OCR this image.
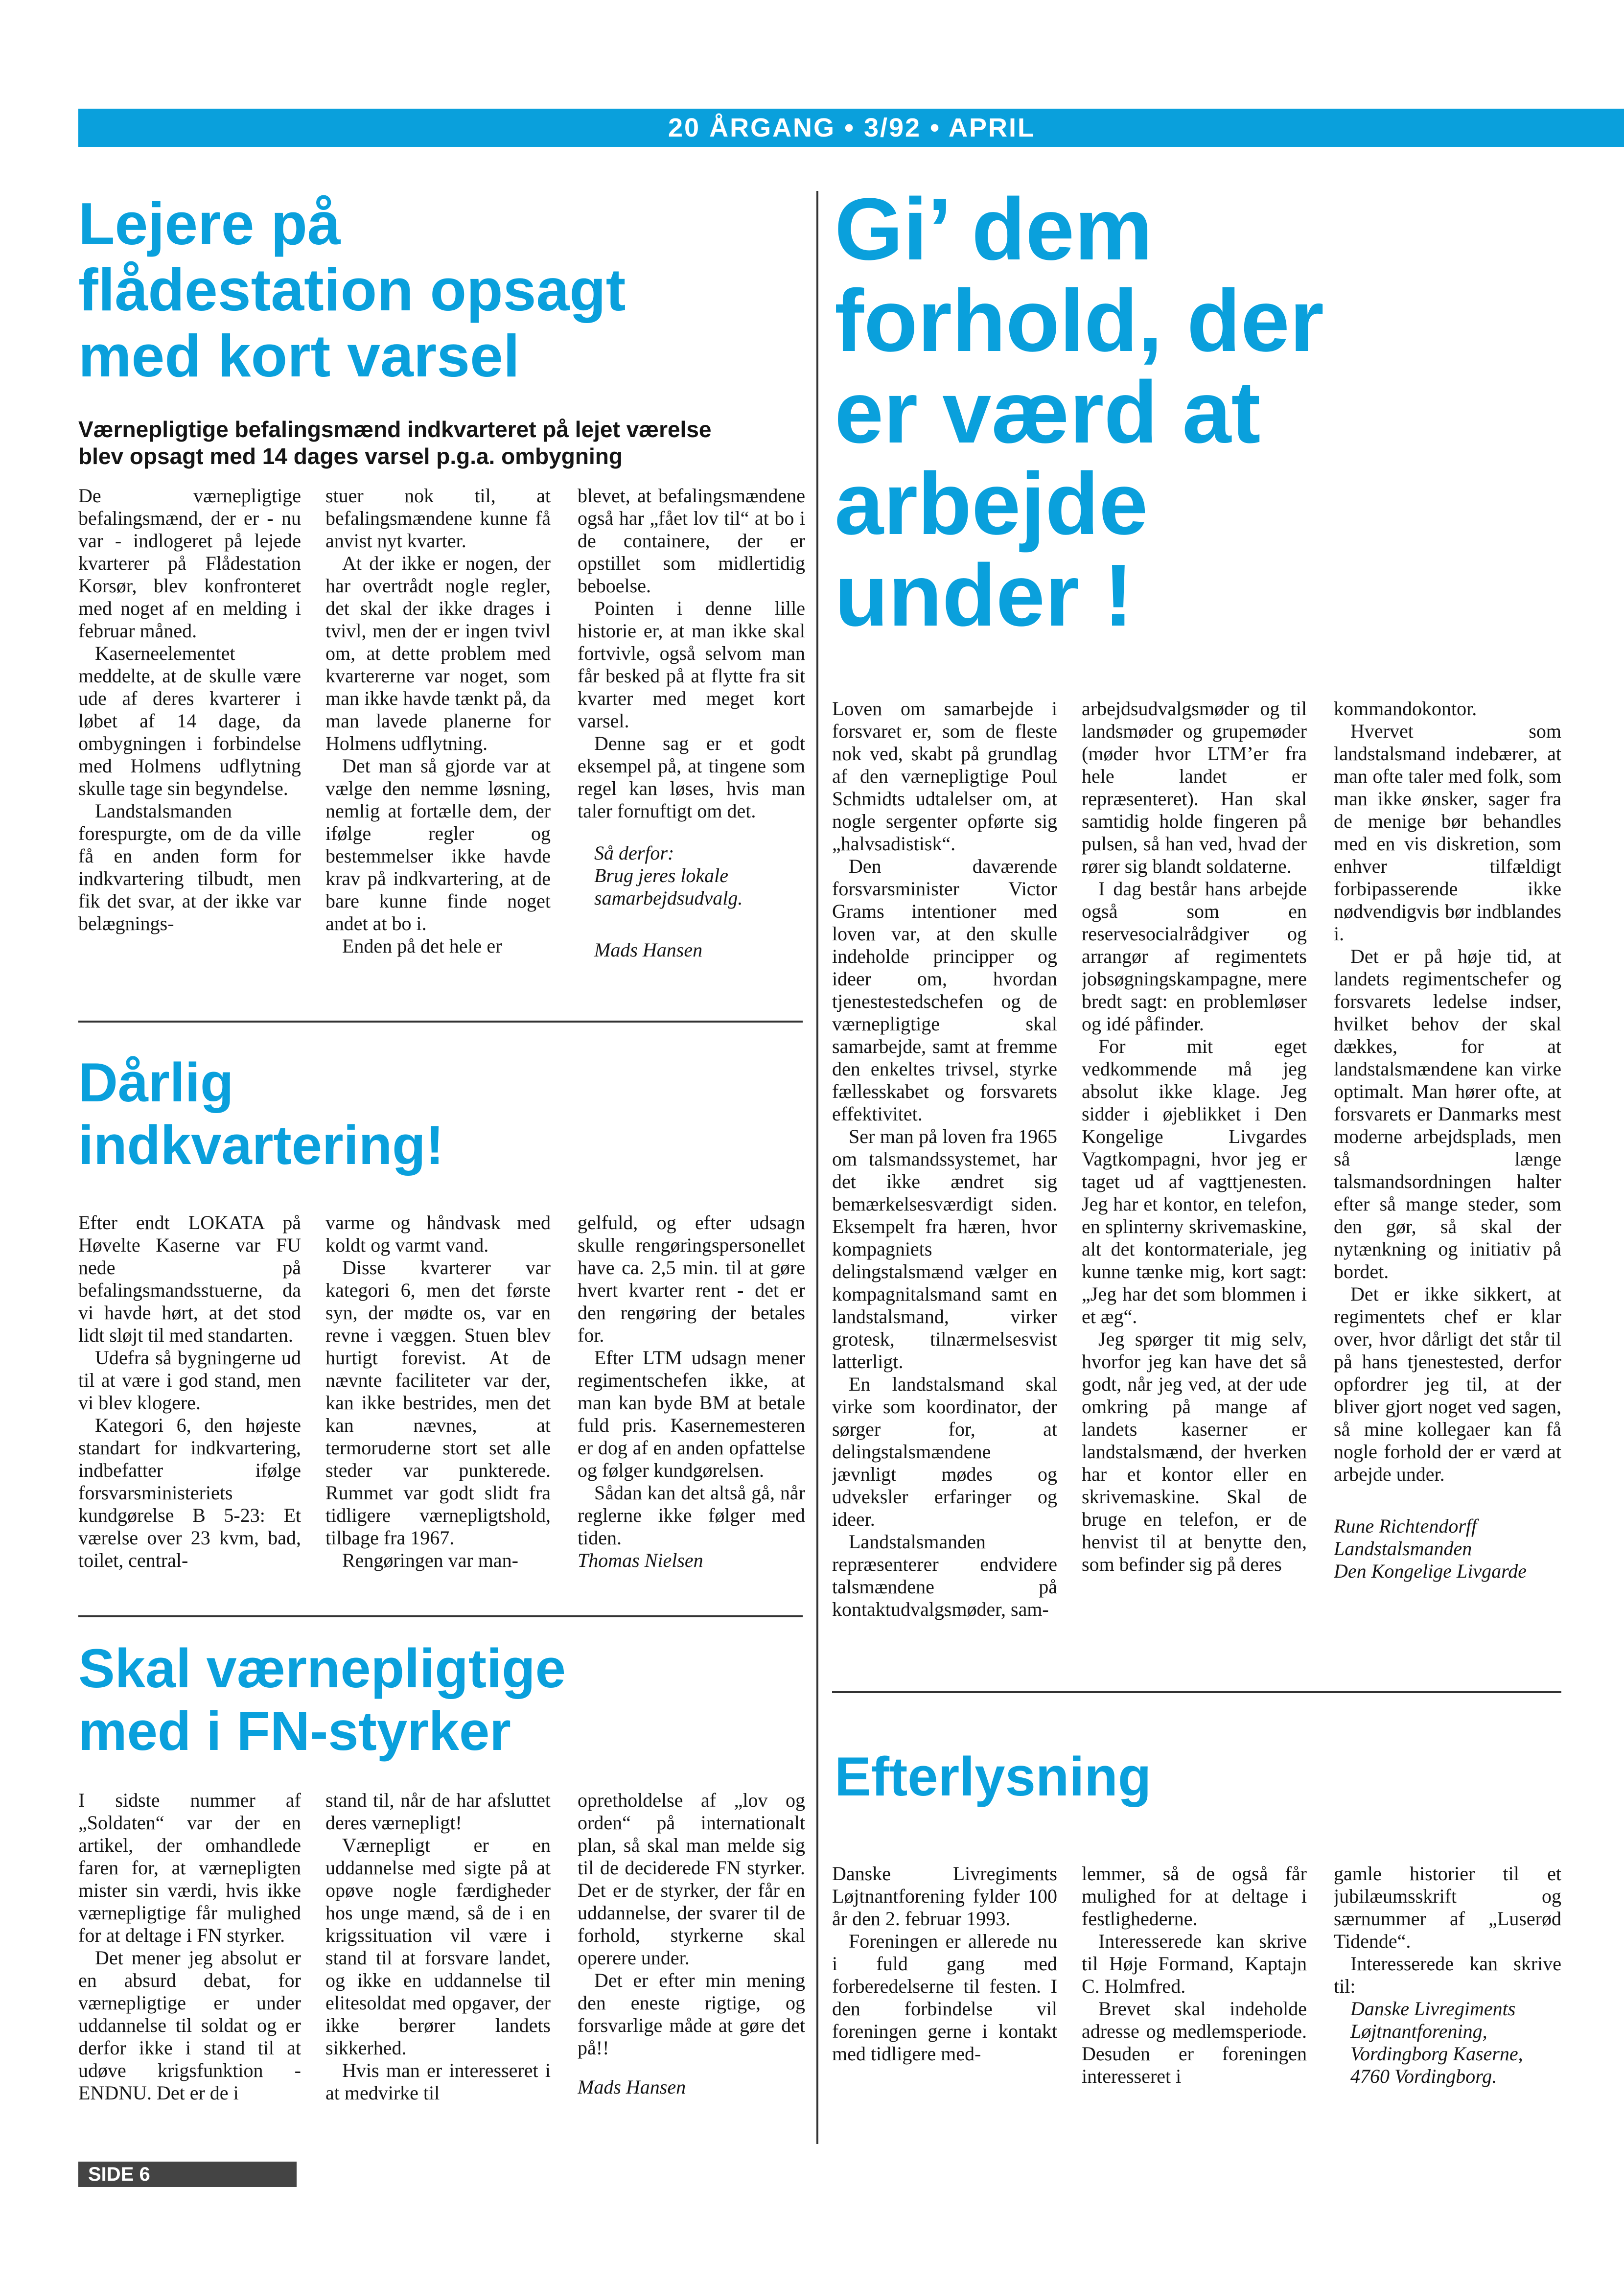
20 ÅRGANG • 3/92 • APRIL
Lejere på
flådestation opsagt
med kort varsel
Værnepligtige befalingsmænd indkvarteret på lejet værelse
blev opsagt med 14 dages varsel p.g.a. ombygning

De værnepligtige befalingsmænd, der er - nu var - indlogeret på lejede kvarterer på Flådestation Korsør, blev konfronteret med noget af en melding i februar måned.

Kaserneelementet meddelte, at de skulle være ude af deres kvarterer i løbet af 14 dage, da ombygningen i forbindelse med Holmens udflytning skulle tage sin begyndelse.

Landstalsmanden forespurgte, om de da ville få en anden form for indkvartering tilbudt, men fik det svar, at der ikke var belægnings-

stuer nok til, at befalingsmændene kunne få anvist nyt kvarter.

At der ikke er nogen, der har overtrådt nogle regler, det skal der ikke drages i tvivl, men der er ingen tvivl om, at dette problem med kvartererne var noget, som man ikke havde tænkt på, da man lavede planerne for Holmens udflytning.

Det man så gjorde var at vælge den nemme løsning, nemlig at fortælle dem, der ifølge regler og bestemmelser ikke havde krav på indkvartering, at de bare kunne finde noget andet at bo i.

Enden på det hele er

blevet, at befalingsmændene også har „fået lov til“ at bo i de containere, der er opstillet som midlertidig beboelse.

Pointen i denne lille historie er, at man ikke skal fortvivle, også selvom man får besked på at flytte fra sit kvarter med meget kort varsel.

Denne sag er et godt eksempel på, at tingene som regel kan løses, hvis man taler fornuftigt om det.

Så derfor:

Brug jeres lokale

samarbejdsudvalg.

Mads Hansen

Dårlig
indkvartering!

Efter endt LOKATA på Høvelte Kaserne var FU nede på befalingsmandsstuerne, da vi havde hørt, at det stod lidt sløjt til med standarten.

Udefra så bygningerne ud til at være i god stand, men vi blev klogere.

Kategori 6, den højeste standart for indkvartering, indbefatter ifølge forsvarsministeriets kundgørelse B 5-23: Et værelse over 23 kvm, bad, toilet, central-

varme og håndvask med koldt og varmt vand.

Disse kvarterer var kategori 6, men det første syn, der mødte os, var en revne i væggen. Stuen blev hurtigt forevist. At de nævnte faciliteter var der, kan ikke bestrides, men det kan nævnes, at termoruderne stort set alle steder var punkterede. Rummet var godt slidt fra tidligere værnepligtshold, tilbage fra 1967.

Rengøringen var man-

gelfuld, og efter udsagn skulle rengøringspersonellet have ca. 2,5 min. til at gøre hvert kvarter rent - det er den rengøring der betales for.

Efter LTM udsagn mener regimentschefen ikke, at man kan byde BM at betale fuld pris. Kasernemesteren er dog af en anden opfattelse og følger kundgørelsen.

Sådan kan det altså gå, når reglerne ikke følger med tiden.

Thomas Nielsen

Skal værnepligtige
med i FN-styrker

I sidste nummer af „Soldaten“ var der en artikel, der omhandlede faren for, at værnepligten mister sin værdi, hvis ikke værnepligtige får mulighed for at deltage i FN styrker.

Det mener jeg absolut er en absurd debat, for værnepligtige er under uddannelse til soldat og er derfor ikke i stand til at udøve krigsfunktion - ENDNU. Det er de i

stand til, når de har afsluttet deres værnepligt!

Værnepligt er en uddannelse med sigte på at opøve nogle færdigheder hos unge mænd, så de i en krigssituation vil være i stand til at forsvare landet, og ikke en uddannelse til elitesoldat med opgaver, der ikke berører landets sikkerhed.

Hvis man er interesseret i at medvirke til

opretholdelse af „lov og orden“ på internationalt plan, så skal man melde sig til de deciderede FN styrker. Det er de styrker, der får en uddannelse, der svarer til de forhold, styrkerne skal operere under.

Det er efter min mening den eneste rigtige, og forsvarlige måde at gøre det på!!

Mads Hansen

Gi’ dem
forhold, der
er værd at
arbejde
under !

Loven om samarbejde i forsvaret er, som de fleste nok ved, skabt på grundlag af den værnepligtige Poul Schmidts udtalelser om, at nogle sergenter opførte sig „halvsadistisk“.

Den daværende forsvarsminister Victor Grams intentioner med loven var, at den skulle indeholde principper og ideer om, hvordan tjenestestedschefen og de værnepligtige skal samarbejde, samt at fremme den enkeltes trivsel, styrke fællesskabet og forsvarets effektivitet.

Ser man på loven fra 1965 om talsmandssystemet, har det ikke ændret sig bemærkelsesværdigt siden. Eksempelt fra hæren, hvor kompagniets delingstalsmænd vælger en kompagnitalsmand samt en landstalsmand, virker grotesk, tilnærmelsesvist latterligt.

En landstalsmand skal virke som koordinator, der sørger for, at delingstalsmændene jævnligt mødes og udveksler erfaringer og ideer.

Landstalsmanden repræsenterer endvidere talsmændene på kontaktudvalgsmøder, sam-

arbejdsudvalgsmøder og til landsmøder og grupemøder (møder hvor LTM’er fra hele landet er repræsenteret). Han skal samtidig holde fingeren på pulsen, så han ved, hvad der rører sig blandt soldaterne.

I dag består hans arbejde også som en reservesocialrådgiver og arrangør af regimentets jobsøgningskampagne, mere bredt sagt: en problemløser og idé påfinder.

For mit eget vedkommende må jeg absolut ikke klage. Jeg sidder i øjeblikket i Den Kongelige Livgardes Vagtkompagni, hvor jeg er taget ud af vagttjenesten. Jeg har et kontor, en telefon, en splinterny skrivemaskine, alt det kontormateriale, jeg kunne tænke mig, kort sagt: „Jeg har det som blommen i et æg“.

Jeg spørger tit mig selv, hvorfor jeg kan have det så godt, når jeg ved, at der ude omkring på mange af landets kaserner er landstalsmænd, der hverken har et kontor eller en skrivemaskine. Skal de bruge en telefon, er de henvist til at benytte den, som befinder sig på deres

kommandokontor.

Hvervet som landstalsmand indebærer, at man ofte taler med folk, som man ikke ønsker, sager fra de menige bør behandles med en vis diskretion, som enhver tilfældigt forbipasserende ikke nødvendigvis bør indblandes i.

Det er på høje tid, at landets regimentschefer og forsvarets ledelse indser, hvilket behov der skal dækkes, for at landstalsmændene kan virke optimalt. Man hører ofte, at forsvarets er Danmarks mest moderne arbejdsplads, men så længe talsmandsordningen halter efter så mange steder, som den gør, så skal der nytænkning og initiativ på bordet.

Det er ikke sikkert, at regimentets chef er klar over, hvor dårligt det står til på hans tjenestested, derfor opfordrer jeg til, at der bliver gjort noget ved sagen, så mine kollegaer kan få nogle forhold der er værd at arbejde under.

Rune Richtendorff
Landstalsmanden
Den Kongelige Livgarde
Efterlysning

Danske Livregiments Løjtnantforening fylder 100 år den 2. februar 1993.

Foreningen er allerede nu i fuld gang med forberedelserne til festen. I den forbindelse vil foreningen gerne i kontakt med tidligere med-

lemmer, så de også får mulighed for at deltage i festlighederne.

Interesserede kan skrive til Høje Formand, Kaptajn C. Holmfred.

Brevet skal indeholde adresse og medlemsperiode. Desuden er foreningen interesseret i

gamle historier til et jubilæumsskrift og særnummer af „Luserød Tidende“.

Interesserede kan skrive til:

Danske Livregiments
Løjtnantforening,
Vordingborg Kaserne,
4760 Vordingborg.
SIDE 6
